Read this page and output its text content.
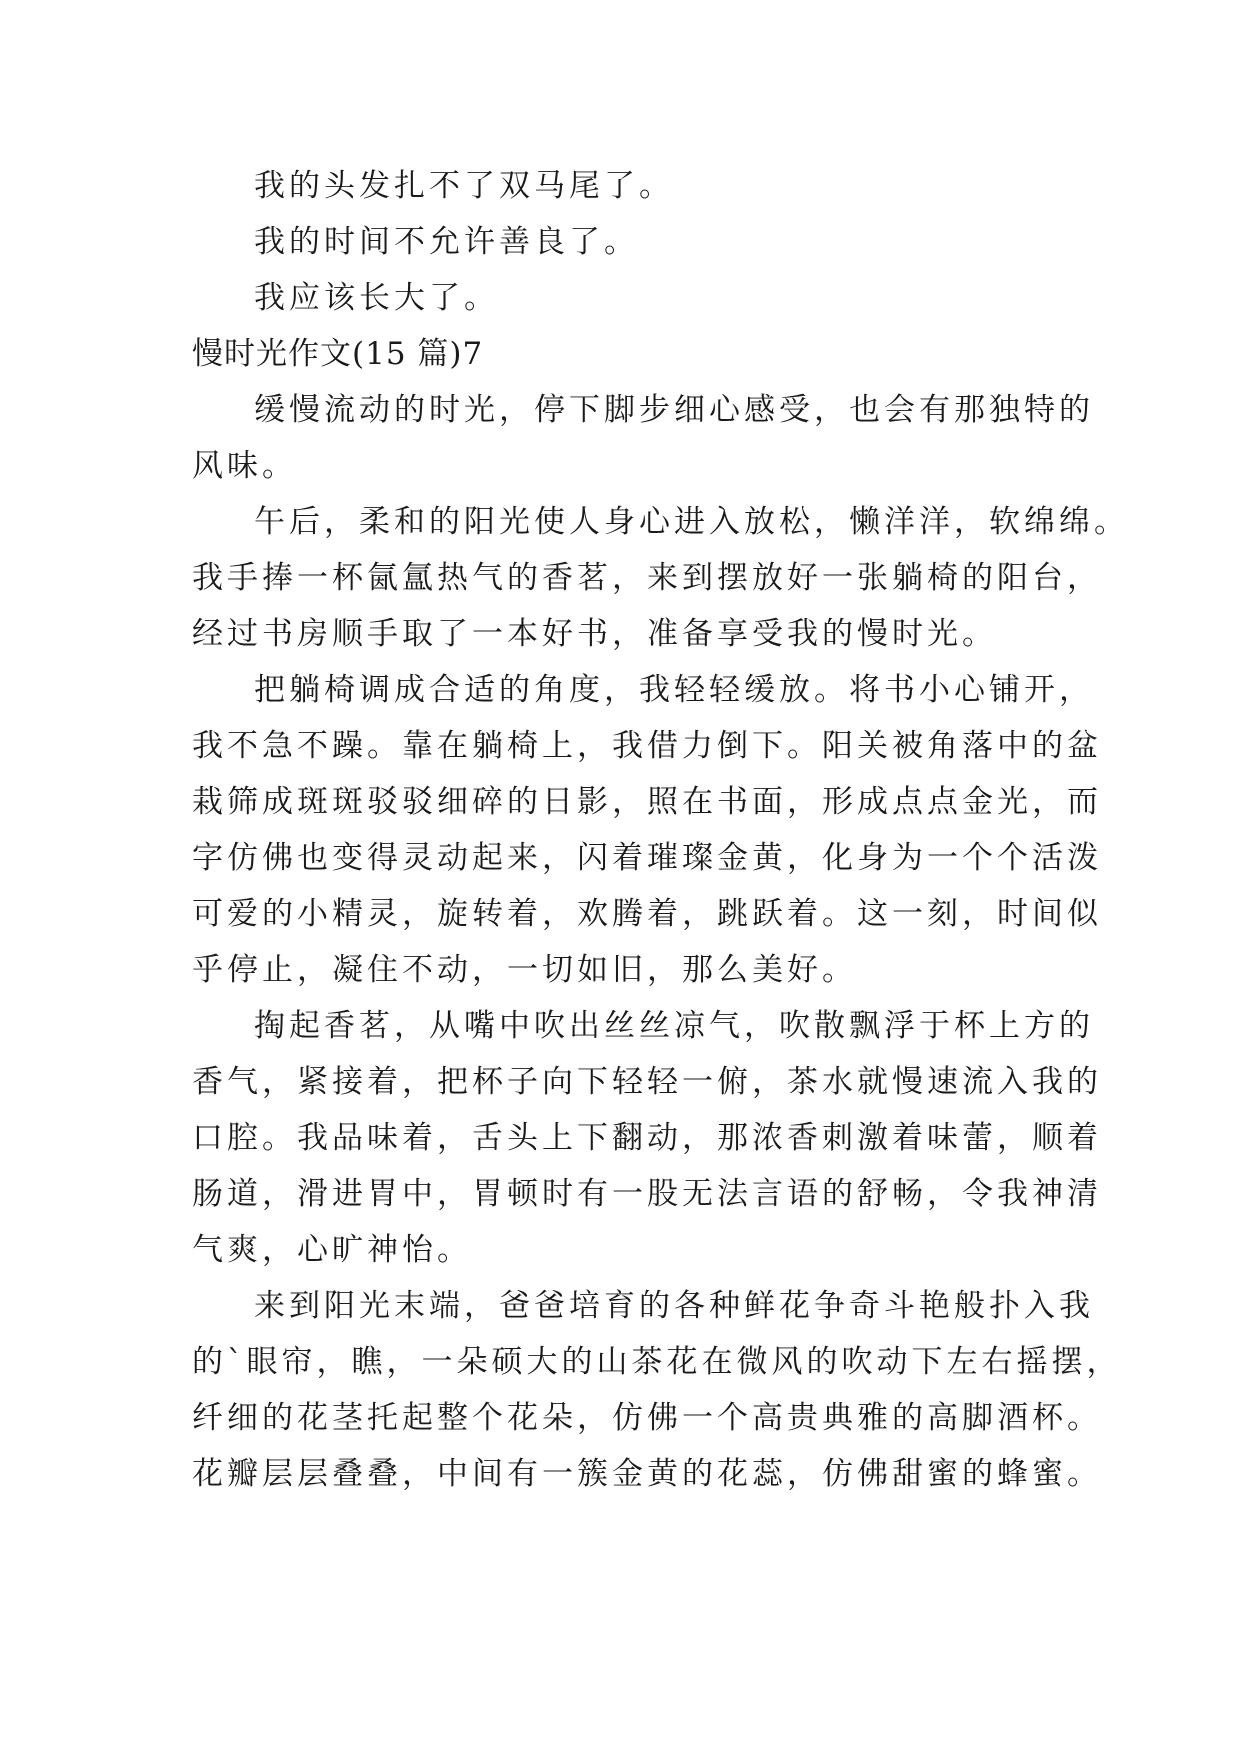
我的头发扎不了双马尾了。
我的时间不允许善良了。
我应该长大了。
慢时光作文(15 篇)7
缓慢流动的时光，停下脚步细心感受，也会有那独特的
风味。
午后，柔和的阳光使人身心进入放松，懒洋洋，软绵绵。
我手捧一杯氤氲热气的香茗，来到摆放好一张躺椅的阳台，
经过书房顺手取了一本好书，准备享受我的慢时光。
把躺椅调成合适的角度，我轻轻缓放。将书小心铺开，
我不急不躁。靠在躺椅上，我借力倒下。阳关被角落中的盆
栽筛成斑斑驳驳细碎的日影，照在书面，形成点点金光，而
字仿佛也变得灵动起来，闪着璀璨金黄，化身为一个个活泼
可爱的小精灵，旋转着，欢腾着，跳跃着。这一刻，时间似
乎停止，凝住不动，一切如旧，那么美好。
掏起香茗，从嘴中吹出丝丝凉气，吹散飘浮于杯上方的
香气，紧接着，把杯子向下轻轻一俯，茶水就慢速流入我的
口腔。我品味着，舌头上下翻动，那浓香刺激着味蕾，顺着
肠道，滑进胃中，胃顿时有一股无法言语的舒畅，令我神清
气爽，心旷神怡。
来到阳光末端，爸爸培育的各种鲜花争奇斗艳般扑入我
的`眼帘，瞧，一朵硕大的山茶花在微风的吹动下左右摇摆，
纤细的花茎托起整个花朵，仿佛一个高贵典雅的高脚酒杯。
花瓣层层叠叠，中间有一簇金黄的花蕊，仿佛甜蜜的蜂蜜。
